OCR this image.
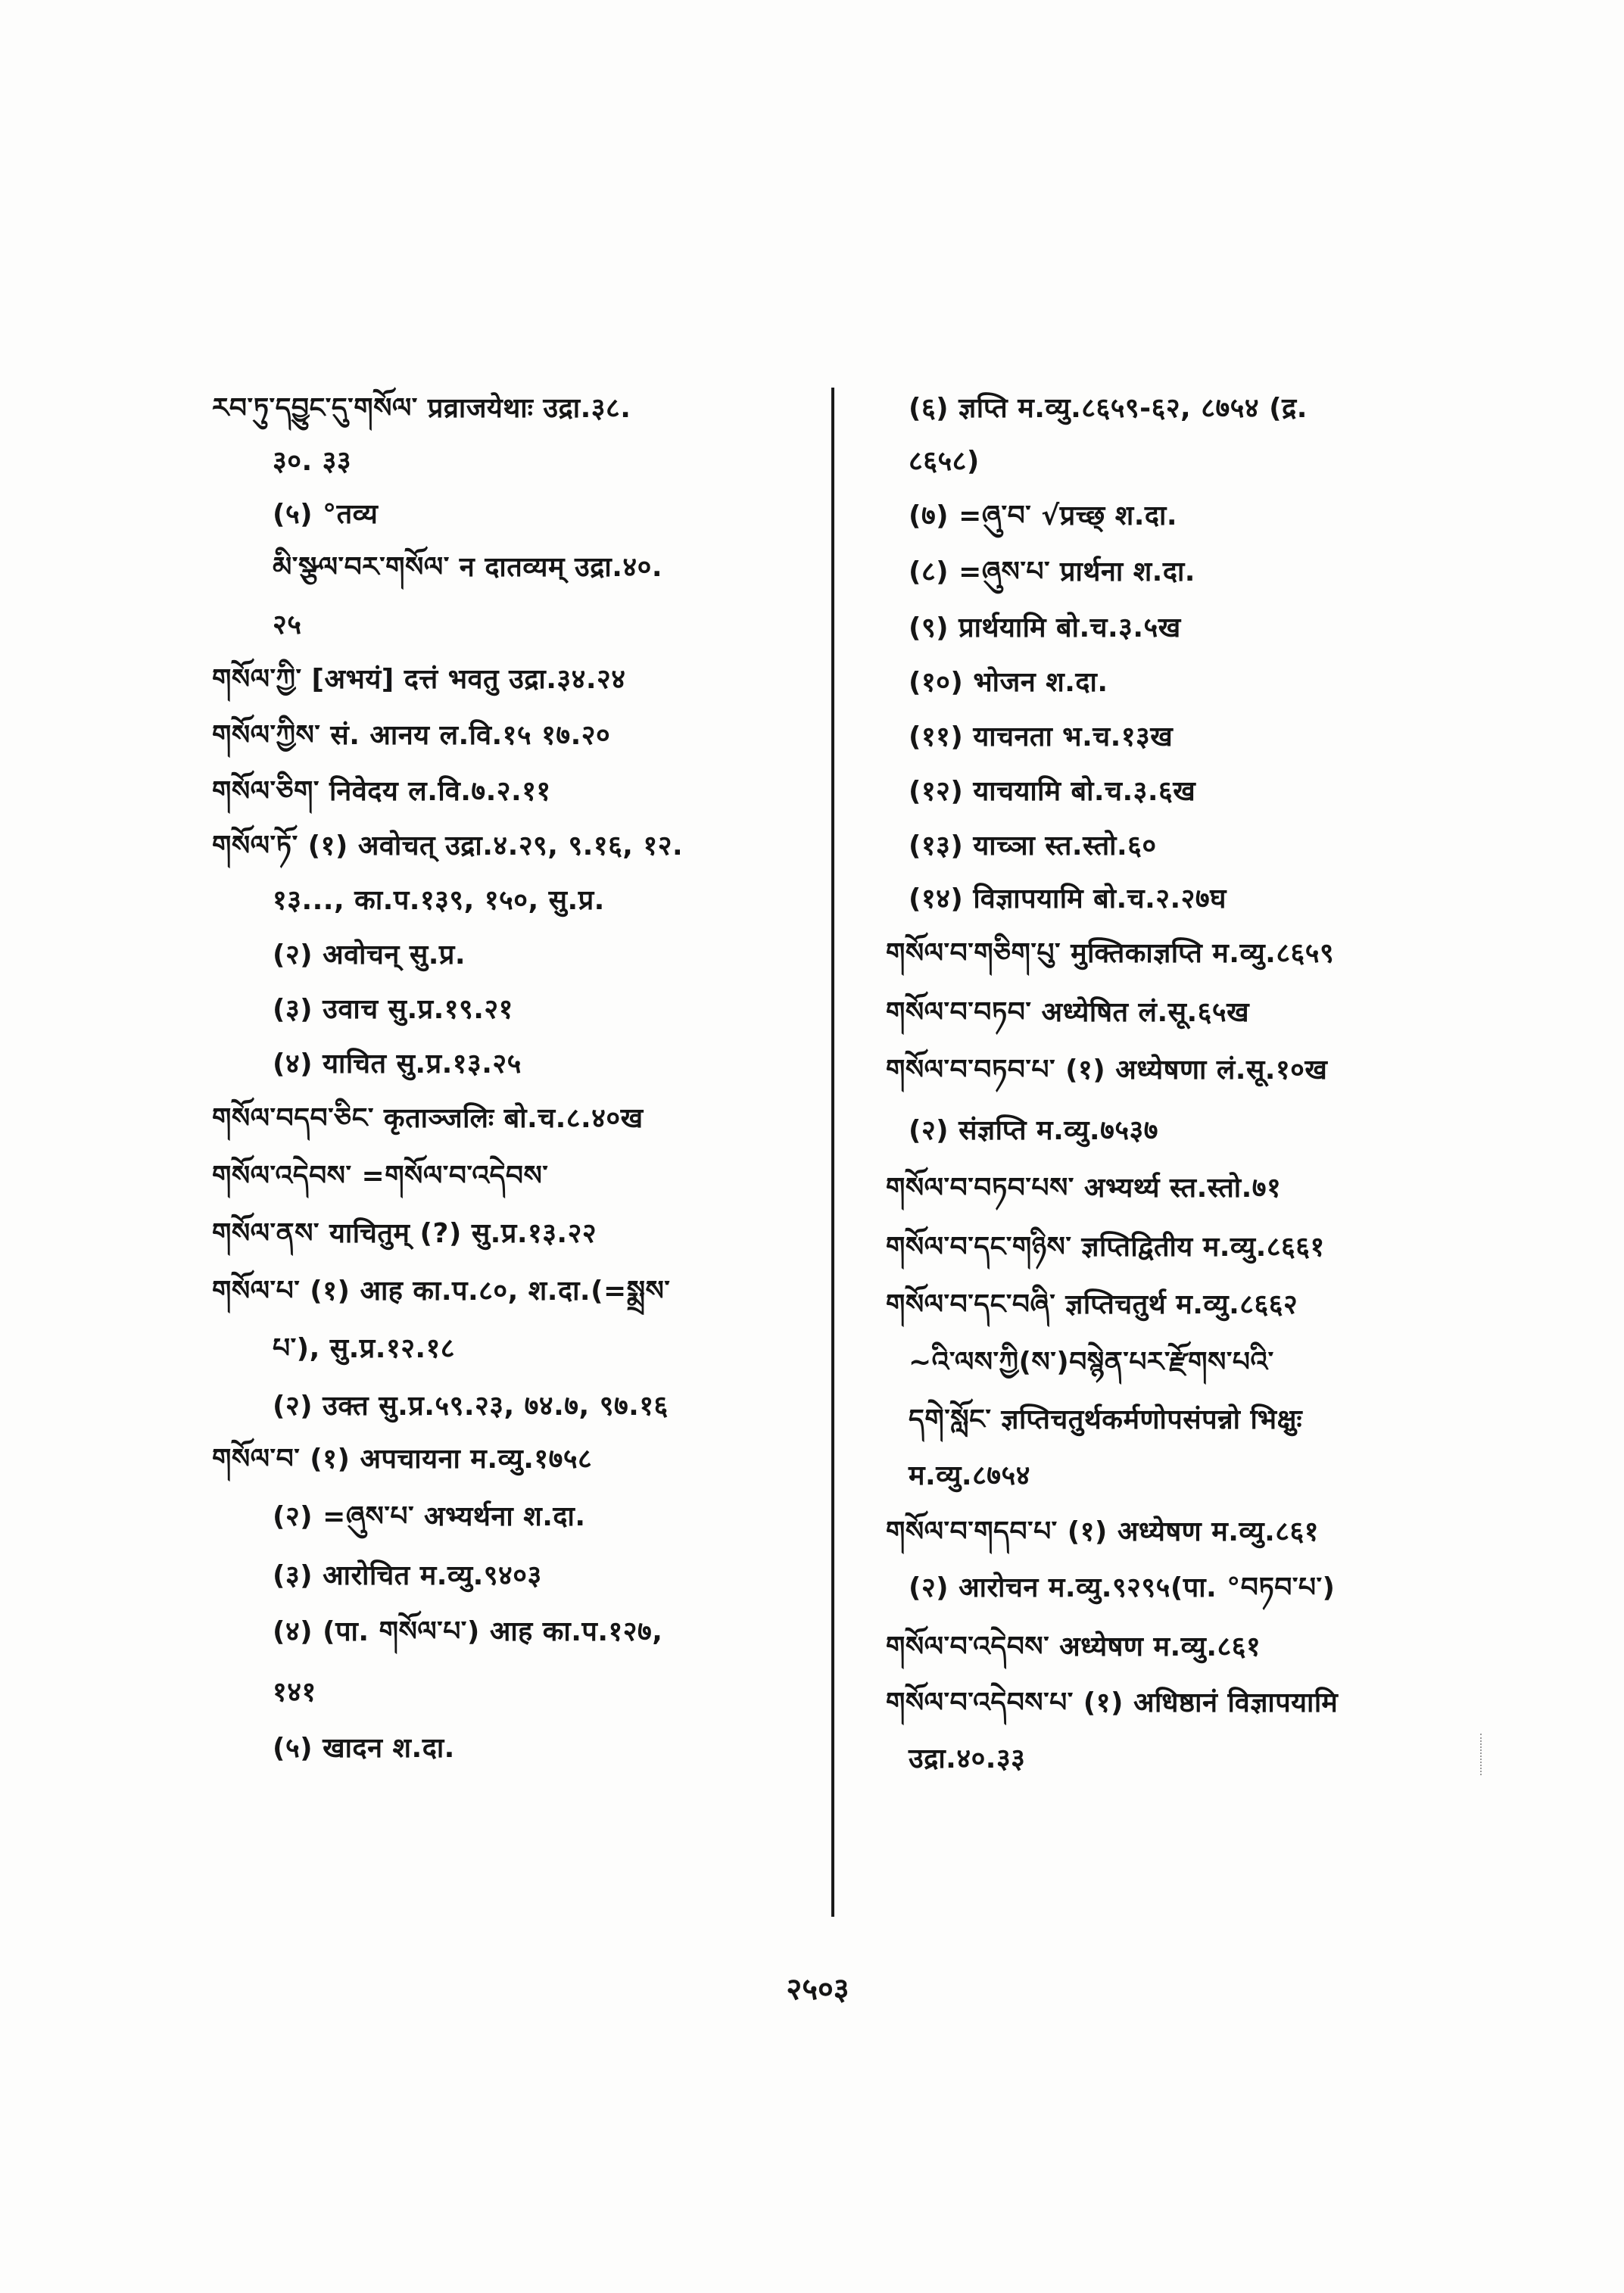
རབ་ཏུ་དབྱུང་དུ་གསོལ་ प्रव्राजयेथाः उद्रा.३८.
३०. ३३
(५) °तव्य
མི་སྩལ་བར་གསོལ་ न दातव्यम् उद्रा.४०.
२५
གསོལ་ཀྱི་ [अभयं] दत्तं भवतु उद्रा.३४.२४
གསོལ་ཀྱིས་ सं. आनय ल.वि.१५ १७.२०
གསོལ་ཅིག་ निवेदय ल.वि.७.२.११
གསོལ་ཏོ་ (१) अवोचत् उद्रा.४.२९, ९.१६, १२.
१३..., का.प.१३९, १५०, सु.प्र.
(२) अवोचन् सु.प्र.
(३) उवाच सु.प्र.१९.२१
(४) याचित सु.प्र.१३.२५
གསོལ་བདབ་ཅིང་ कृताञ्जलिः बो.च.८.४०ख
གསོལ་འདེབས་ =གསོལ་བ་འདེབས་
གསོལ་ནས་ याचितुम् (?) सु.प्र.१३.२२
གསོལ་པ་ (१) आह का.प.८०, श.दा.(=སྨྲས་
པ་), सु.प्र.१२.१८
(२) उक्त सु.प्र.५९.२३, ७४.७, ९७.१६
གསོལ་བ་ (१) अपचायना म.व्यु.१७५८
(२) =ཞུས་པ་ अभ्यर्थना श.दा.
(३) आरोचित म.व्यु.९४०३
(४) (पा. གསོལ་པ་) आह का.प.१२७,
१४१
(५) खादन श.दा.
(६) ज्ञप्ति म.व्यु.८६५९-६२, ८७५४ (द्र.
८६५८)
(७) =ཞུ་བ་ √प्रच्छ् श.दा.
(८) =ཞུས་པ་ प्रार्थना श.दा.
(९) प्रार्थयामि बो.च.३.५ख
(१०) भोजन श.दा.
(११) याचनता भ.च.१३ख
(१२) याचयामि बो.च.३.६ख
(१३) याच्ञा स्त.स्तो.६०
(१४) विज्ञापयामि बो.च.२.२७घ
གསོལ་བ་གཅིག་པུ་ मुक्तिकाज्ञप्ति म.व्यु.८६५९
གསོལ་བ་བཏབ་ अध्येषित लं.सू.६५ख
གསོལ་བ་བཏབ་པ་ (१) अध्येषणा लं.सू.१०ख
(२) संज्ञप्ति म.व्यु.७५३७
གསོལ་བ་བཏབ་པས་ अभ्यर्थ्य स्त.स्तो.७१
གསོལ་བ་དང་གཉིས་ ज्ञप्तिद्वितीय म.व्यु.८६६१
གསོལ་བ་དང་བཞི་ ज्ञप्तिचतुर्थ म.व्यु.८६६२
~འི་ལས་ཀྱི(ས་)བསྙེན་པར་རྫོགས་པའི་
དགེ་སློང་ ज्ञप्तिचतुर्थकर्मणोपसंपन्नो भिक्षुः
म.व्यु.८७५४
གསོལ་བ་གདབ་པ་ (१) अध्येषण म.व्यु.८६१
(२) आरोचन म.व्यु.९२९५(पा. °བཏབ་པ་)
གསོལ་བ་འདེབས་ अध्येषण म.व्यु.८६१
གསོལ་བ་འདེབས་པ་ (१) अधिष्ठानं विज्ञापयामि
उद्रा.४०.३३
२५०३
